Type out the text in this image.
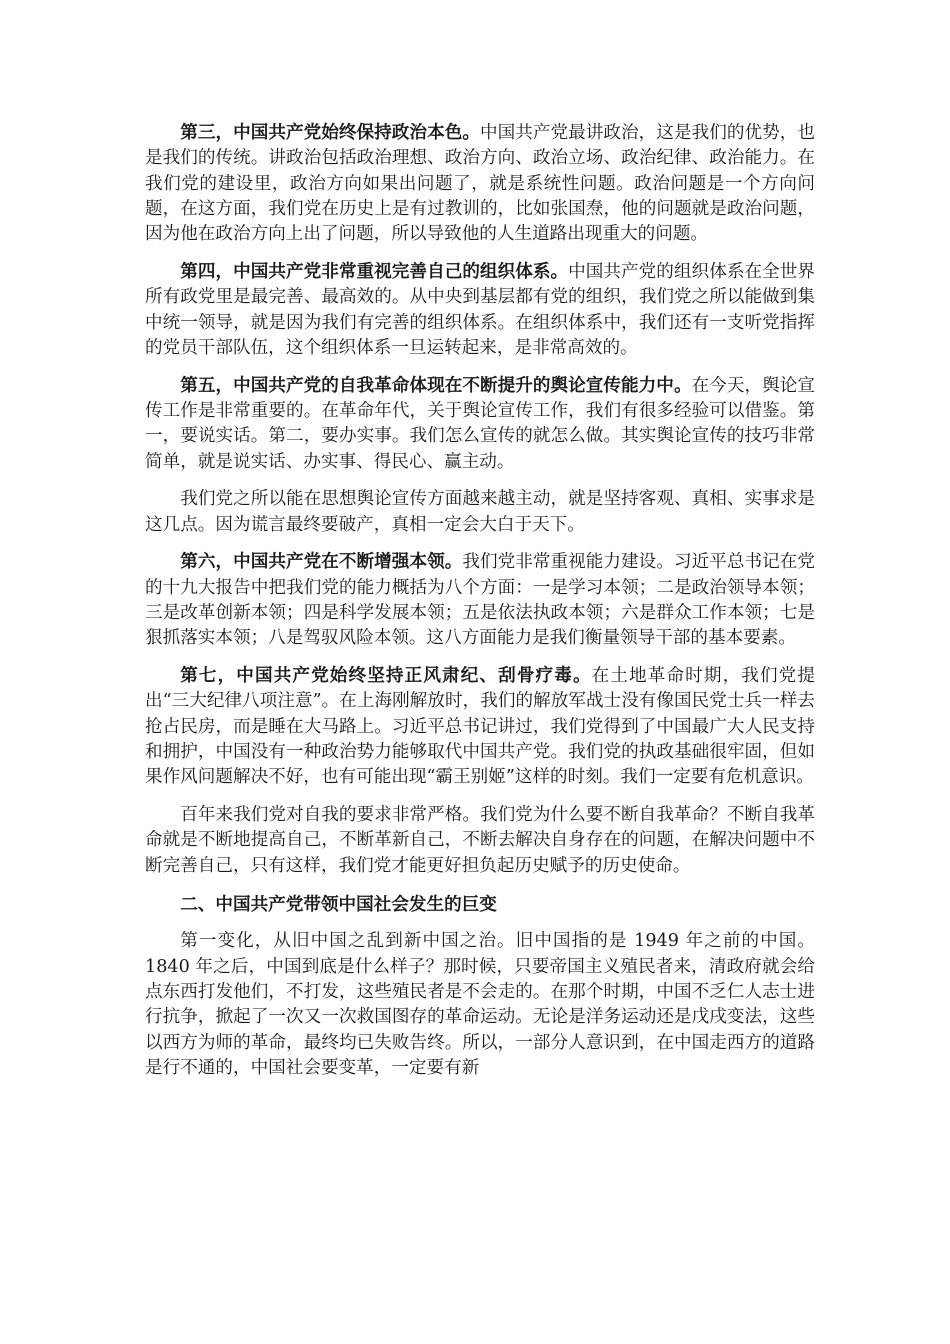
第三，中国共产党始终保持政治本色。中国共产党最讲政治，这是我们的优势，也是我们的传统。讲政治包括政治理想、政治方向、政治立场、政治纪律、政治能力。在我们党的建设里，政治方向如果出问题了，就是系统性问题。政治问题是一个方向问题，在这方面，我们党在历史上是有过教训的，比如张国焘，他的问题就是政治问题，因为他在政治方向上出了问题，所以导致他的人生道路出现重大的问题。

第四，中国共产党非常重视完善自己的组织体系。中国共产党的组织体系在全世界所有政党里是最完善、最高效的。从中央到基层都有党的组织，我们党之所以能做到集中统一领导，就是因为我们有完善的组织体系。在组织体系中，我们还有一支听党指挥的党员干部队伍，这个组织体系一旦运转起来，是非常高效的。

第五，中国共产党的自我革命体现在不断提升的舆论宣传能力中。在今天，舆论宣传工作是非常重要的。在革命年代，关于舆论宣传工作，我们有很多经验可以借鉴。第一，要说实话。第二，要办实事。我们怎么宣传的就怎么做。其实舆论宣传的技巧非常简单，就是说实话、办实事、得民心、赢主动。

我们党之所以能在思想舆论宣传方面越来越主动，就是坚持客观、真相、实事求是这几点。因为谎言最终要破产，真相一定会大白于天下。

第六，中国共产党在不断增强本领。我们党非常重视能力建设。习近平总书记在党的十九大报告中把我们党的能力概括为八个方面：一是学习本领；二是政治领导本领；三是改革创新本领；四是科学发展本领；五是依法执政本领；六是群众工作本领；七是狠抓落实本领；八是驾驭风险本领。这八方面能力是我们衡量领导干部的基本要素。

第七，中国共产党始终坚持正风肃纪、刮骨疗毒。在土地革命时期，我们党提出“三大纪律八项注意”。在上海刚解放时，我们的解放军战士没有像国民党士兵一样去抢占民房，而是睡在大马路上。习近平总书记讲过，我们党得到了中国最广大人民支持和拥护，中国没有一种政治势力能够取代中国共产党。我们党的执政基础很牢固，但如果作风问题解决不好，也有可能出现“霸王别姬”这样的时刻。我们一定要有危机意识。

百年来我们党对自我的要求非常严格。我们党为什么要不断自我革命？不断自我革命就是不断地提高自己，不断革新自己，不断去解决自身存在的问题，在解决问题中不断完善自己，只有这样，我们党才能更好担负起历史赋予的历史使命。

二、中国共产党带领中国社会发生的巨变

第一变化，从旧中国之乱到新中国之治。旧中国指的是 1949 年之前的中国。1840 年之后，中国到底是什么样子？那时候，只要帝国主义殖民者来，清政府就会给点东西打发他们，不打发，这些殖民者是不会走的。在那个时期，中国不乏仁人志士进行抗争，掀起了一次又一次救国图存的革命运动。无论是洋务运动还是戊戌变法，这些以西方为师的革命，最终均已失败告终。所以，一部分人意识到，在中国走西方的道路是行不通的，中国社会要变革，一定要有新
